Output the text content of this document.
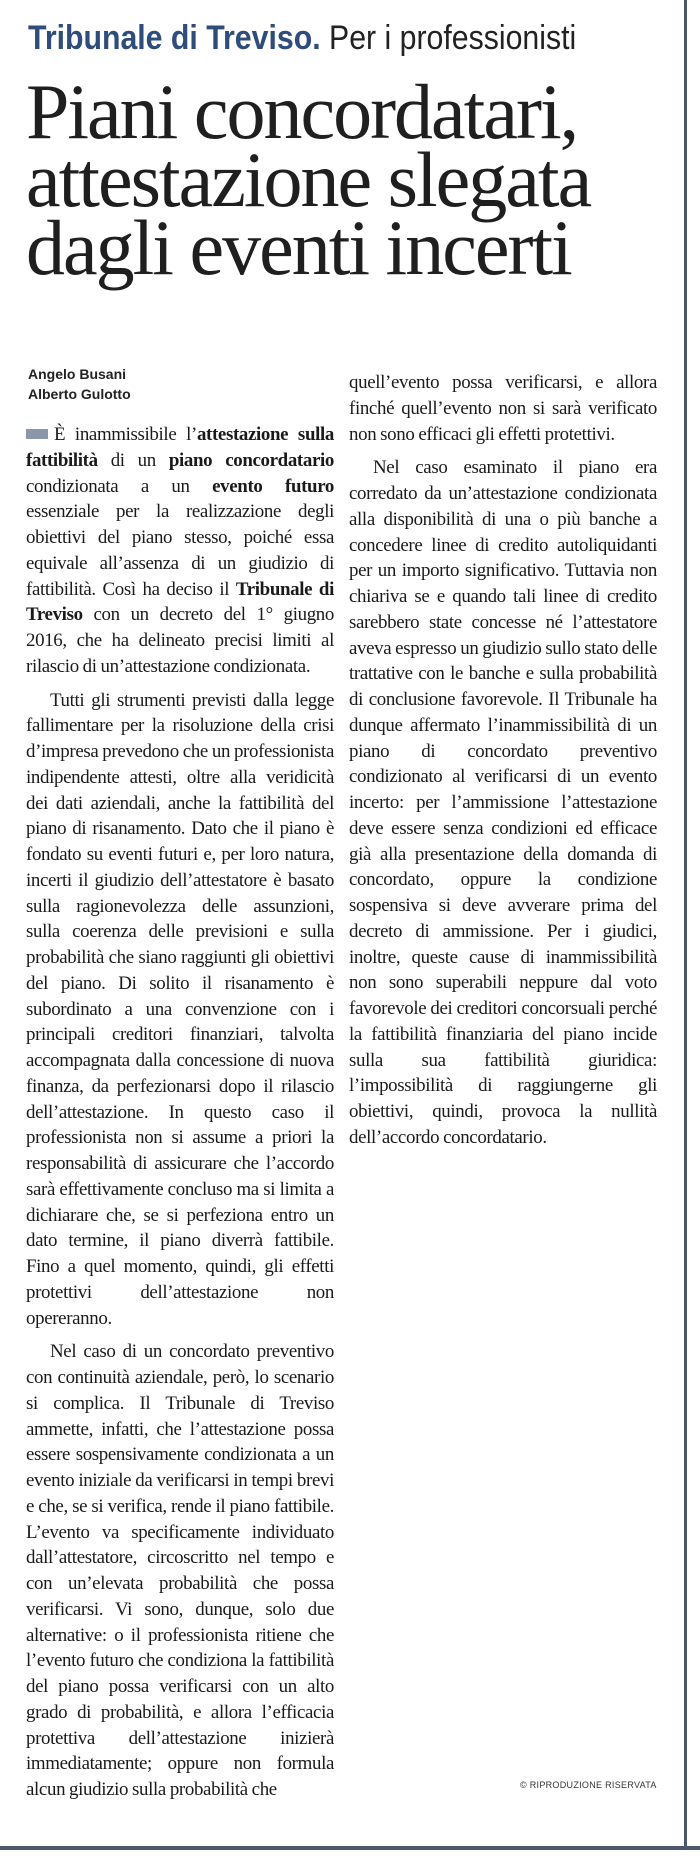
Tribunale di Treviso. Per i professionisti
Piani concordatari,
attestazione slegata
dagli eventi incerti
Angelo Busani
Alberto Gulotto

È inammissibile l’attestazione sulla fattibilità di un piano concordatario condizionata a un evento futuro essenziale per la realizzazione degli obiettivi del piano stesso, poiché essa equivale all’assenza di un giudizio di fattibilità. Così ha deciso il Tribunale di Treviso con un decreto del 1° giugno 2016, che ha delineato precisi limiti al rilascio di un’attestazione condizionata.

Tutti gli strumenti previsti dalla legge fallimentare per la risoluzione della crisi d’impresa prevedono che un professionista indipendente attesti, oltre alla veridicità dei dati aziendali, anche la fattibilità del piano di risanamento. Dato che il piano è fondato su eventi futuri e, per loro natura, incerti il giudizio dell’attestatore è basato sulla ragionevolezza delle assunzioni, sulla coerenza delle previsioni e sulla probabilità che siano raggiunti gli obiettivi del piano. Di solito il risanamento è subordinato a una convenzione con i principali creditori finanziari, talvolta accompagnata dalla concessione di nuova finanza, da perfezionarsi dopo il rilascio dell’attestazione. In questo caso il professionista non si assume a priori la responsabilità di assicurare che l’accordo sarà effettivamente concluso ma si limita a dichiarare che, se si perfeziona entro un dato termine, il piano diverrà fattibile. Fino a quel momento, quindi, gli effetti protettivi dell’attestazione non opereranno.

Nel caso di un concordato preventivo con continuità aziendale, però, lo scenario si complica. Il Tribunale di Treviso ammette, infatti, che l’attestazione possa essere sospensivamente condizionata a un evento iniziale da verificarsi in tempi brevi e che, se si verifica, rende il piano fattibile. L’evento va specificamente individuato dall’attestatore, circoscritto nel tempo e con un’elevata probabilità che possa verificarsi. Vi sono, dunque, solo due alternative: o il professionista ritiene che l’evento futuro che condiziona la fattibilità del piano possa verificarsi con un alto grado di probabilità, e allora l’efficacia protettiva dell’attestazione inizierà immediatamente; oppure non formula alcun giudizio sulla probabilità che

quell’evento possa verificarsi, e allora finché quell’evento non si sarà verificato non sono efficaci gli effetti protettivi.

Nel caso esaminato il piano era corredato da un’attestazione condizionata alla disponibilità di una o più banche a concedere linee di credito autoliquidanti per un importo significativo. Tuttavia non chiariva se e quando tali linee di credito sarebbero state concesse né l’attestatore aveva espresso un giudizio sullo stato delle trattative con le banche e sulla probabilità di conclusione favorevole. Il Tribunale ha dunque affermato l’inammissibilità di un piano di concordato preventivo condizionato al verificarsi di un evento incerto: per l’ammissione l’attestazione deve essere senza condizioni ed efficace già alla presentazione della domanda di concordato, oppure la condizione sospensiva si deve avverare prima del decreto di ammissione. Per i giudici, inoltre, queste cause di inammissibilità non sono superabili neppure dal voto favorevole dei creditori concorsuali perché la fattibilità finanziaria del piano incide sulla sua fattibilità giuridica: l’impossibilità di raggiungerne gli obiettivi, quindi, provoca la nullità dell’accordo concordatario.

© RIPRODUZIONE RISERVATA
